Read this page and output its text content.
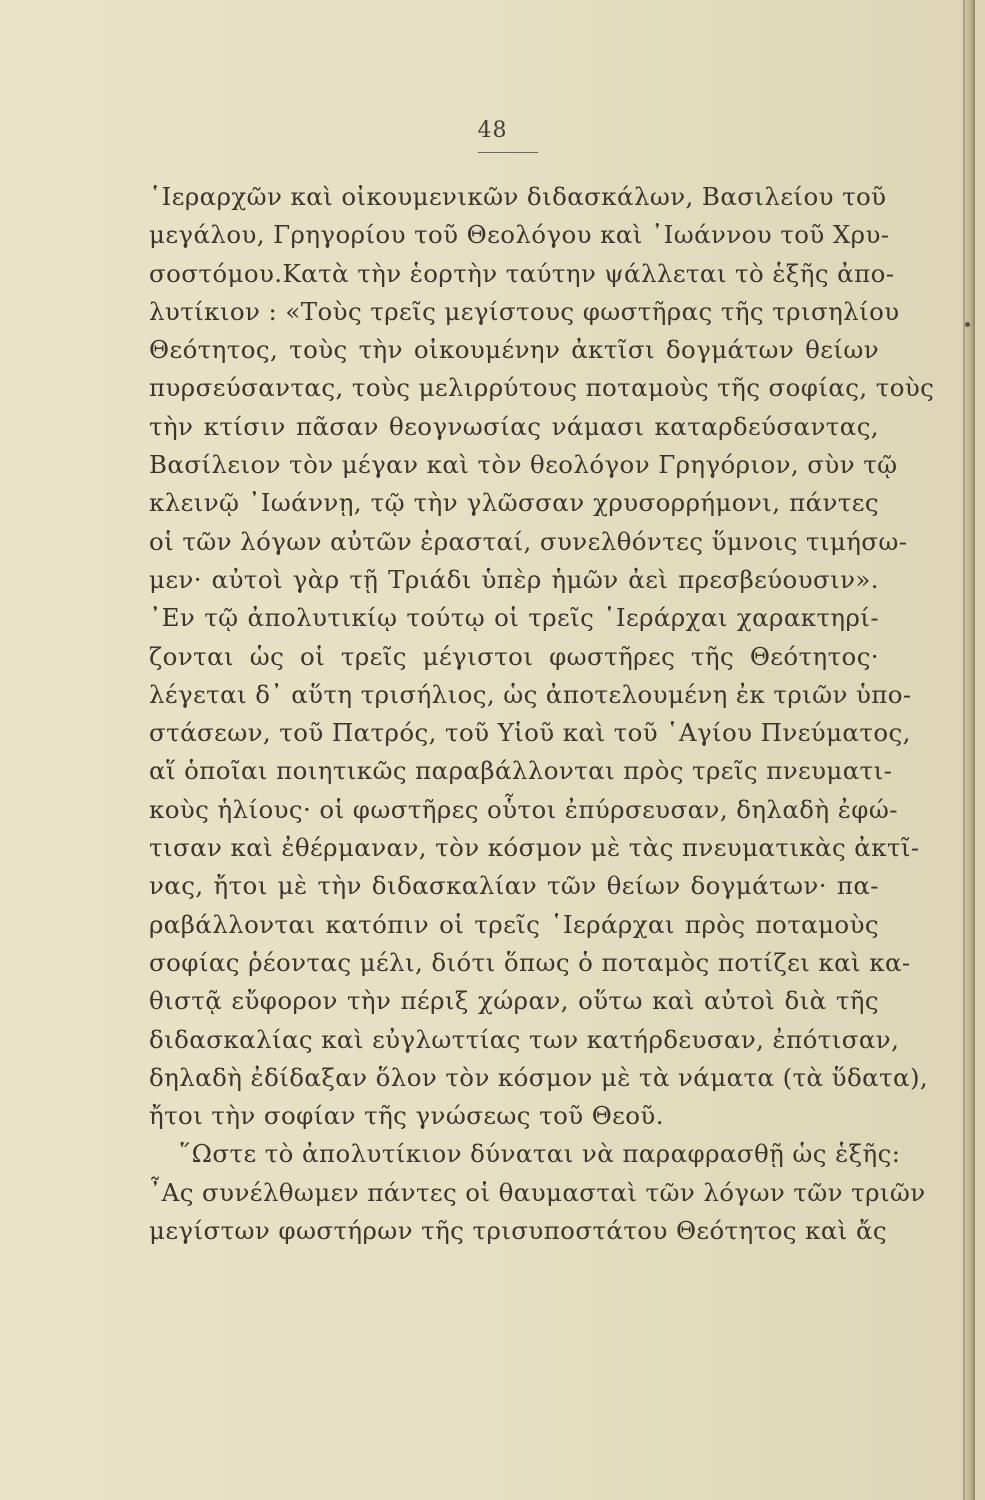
48
῾Ιεραρχῶν καὶ οἰκουμενικῶν διδασκάλων, Βασιλείου τοῦ
μεγάλου, Γρηγορίου τοῦ Θεολόγου καὶ ᾿Ιωάννου τοῦ Χρυ-
σοστόμου.Κατὰ τὴν ἑορτὴν ταύτην ψάλλεται τὸ ἑξῆς ἀπο-
λυτίκιον : «Τοὺς τρεῖς μεγίστους φωστῆρας τῆς τρισηλίου
Θεότητος, τοὺς τὴν οἰκουμένην ἀκτῖσι δογμάτων θείων
πυρσεύσαντας, τοὺς μελιρρύτους ποταμοὺς τῆς σοφίας, τοὺς
τὴν κτίσιν πᾶσαν θεογνωσίας νάμασι καταρδεύσαντας,
Βασίλειον τὸν μέγαν καὶ τὸν θεολόγον Γρηγόριον, σὺν τῷ
κλεινῷ ᾿Ιωάννῃ, τῷ τὴν γλῶσσαν χρυσορρήμονι, πάντες
οἱ τῶν λόγων αὐτῶν ἐρασταί, συνελθόντες ὕμνοις τιμήσω-
μεν· αὐτοὶ γὰρ τῇ Τριάδι ὑπὲρ ἡμῶν ἀεὶ πρεσβεύουσιν».
᾿Εν τῷ ἀπολυτικίῳ τούτῳ οἱ τρεῖς ῾Ιεράρχαι χαρακτηρί-
ζονται ὡς οἱ τρεῖς μέγιστοι φωστῆρες τῆς Θεότητος·
λέγεται δ᾿ αὕτη τρισήλιος, ὡς ἀποτελουμένη ἐκ τριῶν ὑπο-
στάσεων, τοῦ Πατρός, τοῦ Υἱοῦ καὶ τοῦ ῾Αγίου Πνεύματος,
αἵ ὁποῖαι ποιητικῶς παραβάλλονται πρὸς τρεῖς πνευματι-
κοὺς ἡλίους· οἱ φωστῆρες οὗτοι ἐπύρσευσαν, δηλαδὴ ἐφώ-
τισαν καὶ ἐθέρμαναν, τὸν κόσμον μὲ τὰς πνευματικὰς ἀκτῖ-
νας, ἤτοι μὲ τὴν διδασκαλίαν τῶν θείων δογμάτων· πα-
ραβάλλονται κατόπιν οἱ τρεῖς ῾Ιεράρχαι πρὸς ποταμοὺς
σοφίας ῥέοντας μέλι, διότι ὅπως ὁ ποταμὸς ποτίζει καὶ κα-
θιστᾷ εὔφορον τὴν πέριξ χώραν, οὕτω καὶ αὐτοὶ διὰ τῆς
διδασκαλίας καὶ εὐγλωττίας των κατήρδευσαν, ἐπότισαν,
δηλαδὴ ἐδίδαξαν ὅλον τὸν κόσμον μὲ τὰ νάματα (τὰ ὕδατα),
ἤτοι τὴν σοφίαν τῆς γνώσεως τοῦ Θεοῦ.
῞Ωστε τὸ ἀπολυτίκιον δύναται νὰ παραφρασθῇ ὡς ἑξῆς:
῏Ας συνέλθωμεν πάντες οἱ θαυμασταὶ τῶν λόγων τῶν τριῶν
μεγίστων φωστήρων τῆς τρισυποστάτου Θεότητος καὶ ἄς
